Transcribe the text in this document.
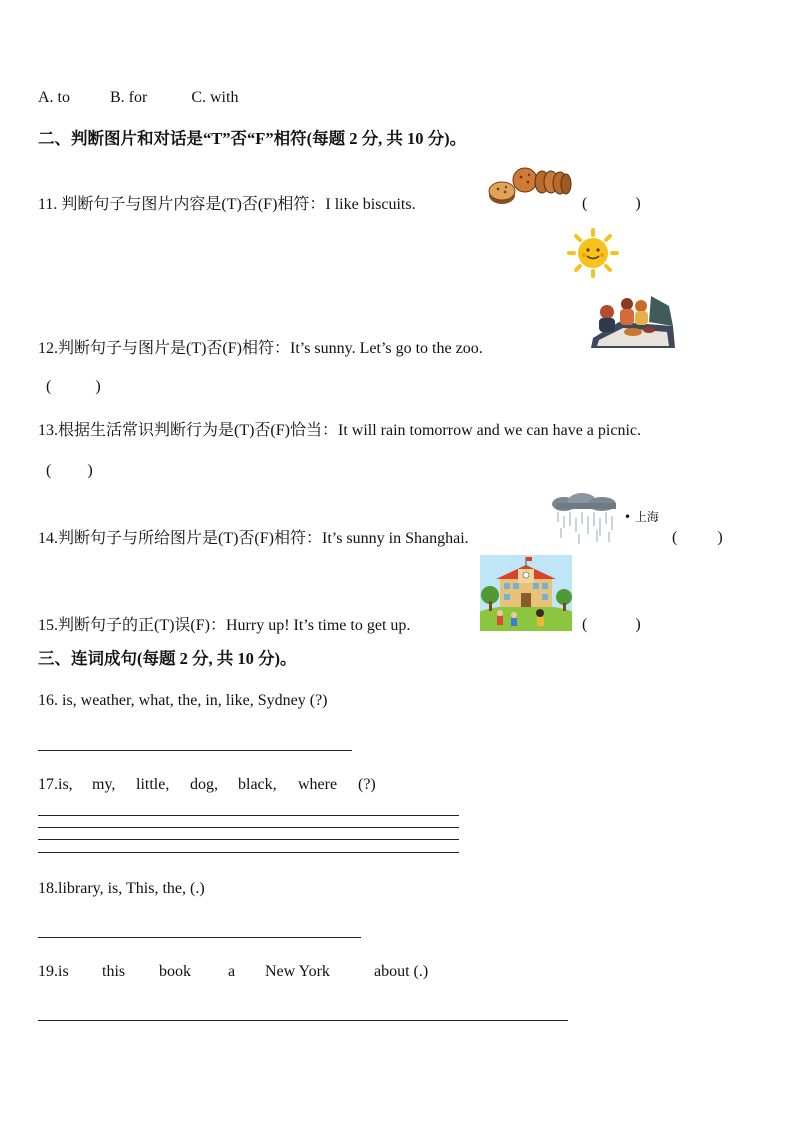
A. to	B. for	C. with
二、判断图片和对话是“T”否“F”相符(每题 2 分, 共 10 分)。
11. 判断句子与图片内容是(T)否(F)相符：I like biscuits.	(	)
12.判断句子与图片是(T)否(F)相符：It’s sunny. Let’s go to the zoo.
(	)
13.根据生活常识判断行为是(T)否(F)恰当：It will rain tomorrow and we can have a picnic.
( )
• 上海
14.判断句子与所给图片是(T)否(F)相符：It’s sunny in Shanghai.	(	)
15.判断句子的正(T)误(F)：Hurry up! It’s time to get up.	(	)
三、连词成句(每题 2 分, 共 10 分)。
16. is, weather, what, the, in, like, Sydney (?)
17.is, my, little, dog, black, where (?)
18.library, is, This, the, (.)
19.is this book a New York	about (.)
